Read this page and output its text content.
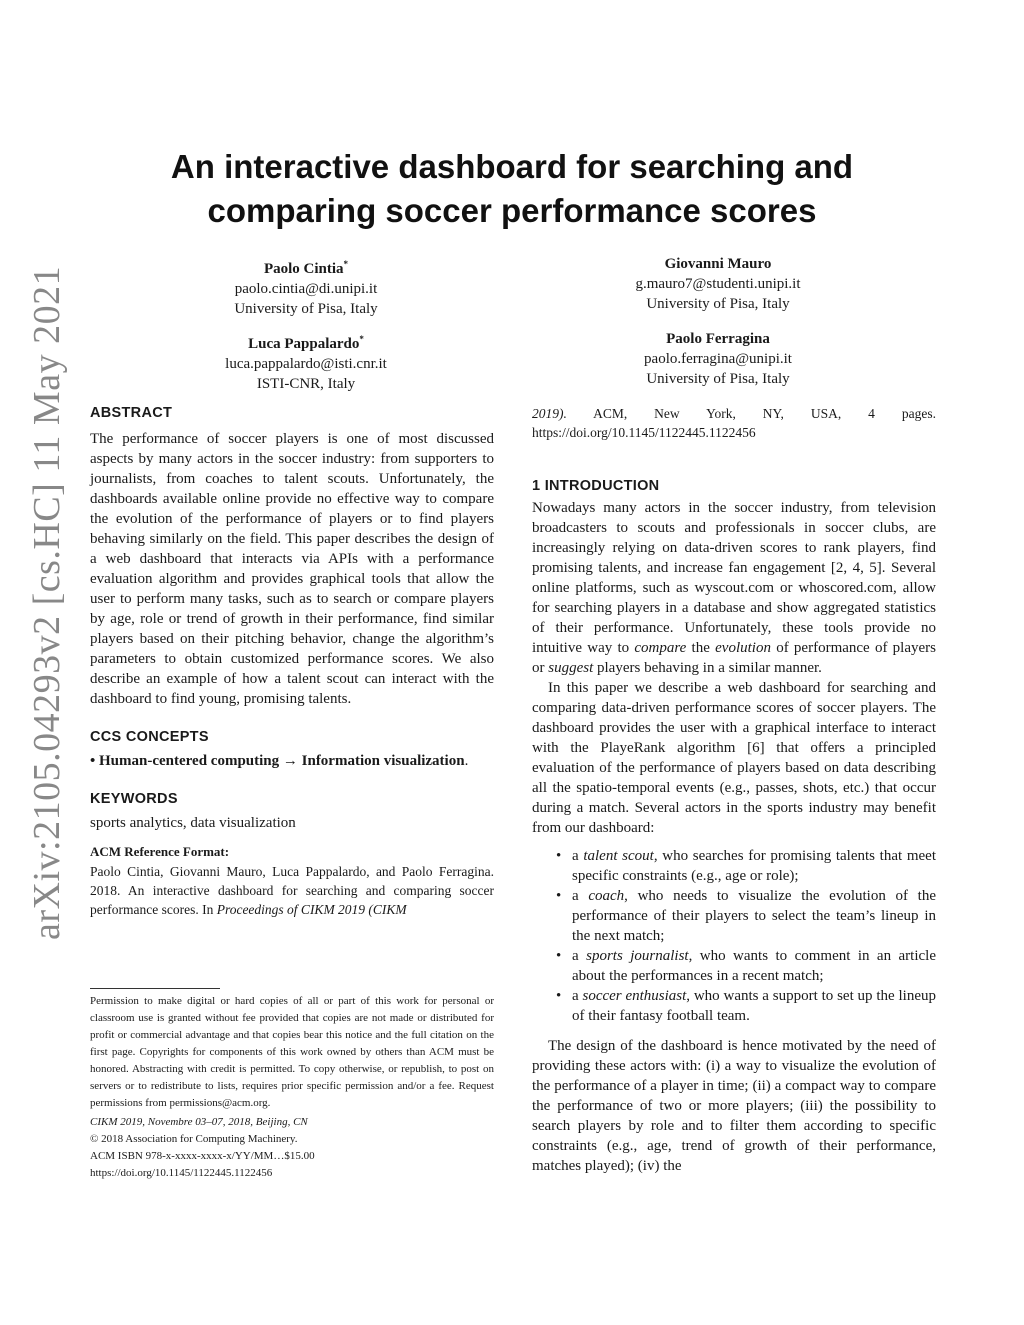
arXiv:2105.04293v2 [cs.HC] 11 May 2021
An interactive dashboard for searching and
comparing soccer performance scores
Paolo Cintia*
paolo.cintia@di.unipi.it
University of Pisa, Italy
Giovanni Mauro
g.mauro7@studenti.unipi.it
University of Pisa, Italy
Luca Pappalardo*
luca.pappalardo@isti.cnr.it
ISTI-CNR, Italy
Paolo Ferragina
paolo.ferragina@unipi.it
University of Pisa, Italy
ABSTRACT

The performance of soccer players is one of most discussed aspects by many actors in the soccer industry: from supporters to journalists, from coaches to talent scouts. Unfortunately, the dashboards available online provide no effective way to compare the evolution of the performance of players or to find players behaving similarly on the field. This paper describes the design of a web dashboard that interacts via APIs with a performance evaluation algorithm and provides graphical tools that allow the user to perform many tasks, such as to search or compare players by age, role or trend of growth in their performance, find similar players based on their pitching behavior, change the algorithm’s parameters to obtain customized performance scores. We also describe an example of how a talent scout can interact with the dashboard to find young, promising talents.

CCS CONCEPTS

• Human-centered computing → Information visualization.

KEYWORDS

sports analytics, data visualization

ACM Reference Format:

Paolo Cintia, Giovanni Mauro, Luca Pappalardo, and Paolo Ferragina. 2018. An interactive dashboard for searching and comparing soccer performance scores. In Proceedings of CIKM 2019 (CIKM

Permission to make digital or hard copies of all or part of this work for personal or classroom use is granted without fee provided that copies are not made or distributed for profit or commercial advantage and that copies bear this notice and the full citation on the first page. Copyrights for components of this work owned by others than ACM must be honored. Abstracting with credit is permitted. To copy otherwise, or republish, to post on servers or to redistribute to lists, requires prior specific permission and/or a fee. Request permissions from permissions@acm.org.

CIKM 2019, Novembre 03–07, 2018, Beijing, CN

© 2018 Association for Computing Machinery.

ACM ISBN 978-x-xxxx-xxxx-x/YY/MM…$15.00

https://doi.org/10.1145/1122445.1122456

2019). ACM, New York, NY, USA, 4 pages. https://doi.org/10.1145/1122445.1122456

1 INTRODUCTION

Nowadays many actors in the soccer industry, from television broadcasters to scouts and professionals in soccer clubs, are increasingly relying on data-driven scores to rank players, find promising talents, and increase fan engagement [2, 4, 5]. Several online platforms, such as wyscout.com or whoscored.com, allow for searching players in a database and show aggregated statistics of their performance. Unfortunately, these tools provide no intuitive way to compare the evolution of performance of players or suggest players behaving in a similar manner.

In this paper we describe a web dashboard for searching and comparing data-driven performance scores of soccer players. The dashboard provides the user with a graphical interface to interact with the PlayeRank algorithm [6] that offers a principled evaluation of the performance of players based on data describing all the spatio-temporal events (e.g., passes, shots, etc.) that occur during a match. Several actors in the sports industry may benefit from our dashboard:

• a talent scout, who searches for promising talents that meet specific constraints (e.g., age or role);
• a coach, who needs to visualize the evolution of the performance of their players to select the team’s lineup in the next match;
• a sports journalist, who wants to comment in an article about the performances in a recent match;
• a soccer enthusiast, who wants a support to set up the lineup of their fantasy football team.

The design of the dashboard is hence motivated by the need of providing these actors with: (i) a way to visualize the evolution of the performance of a player in time; (ii) a compact way to compare the performance of two or more players; (iii) the possibility to search players by role and to filter them according to specific constraints (e.g., age, trend of growth of their performance, matches played); (iv) the
